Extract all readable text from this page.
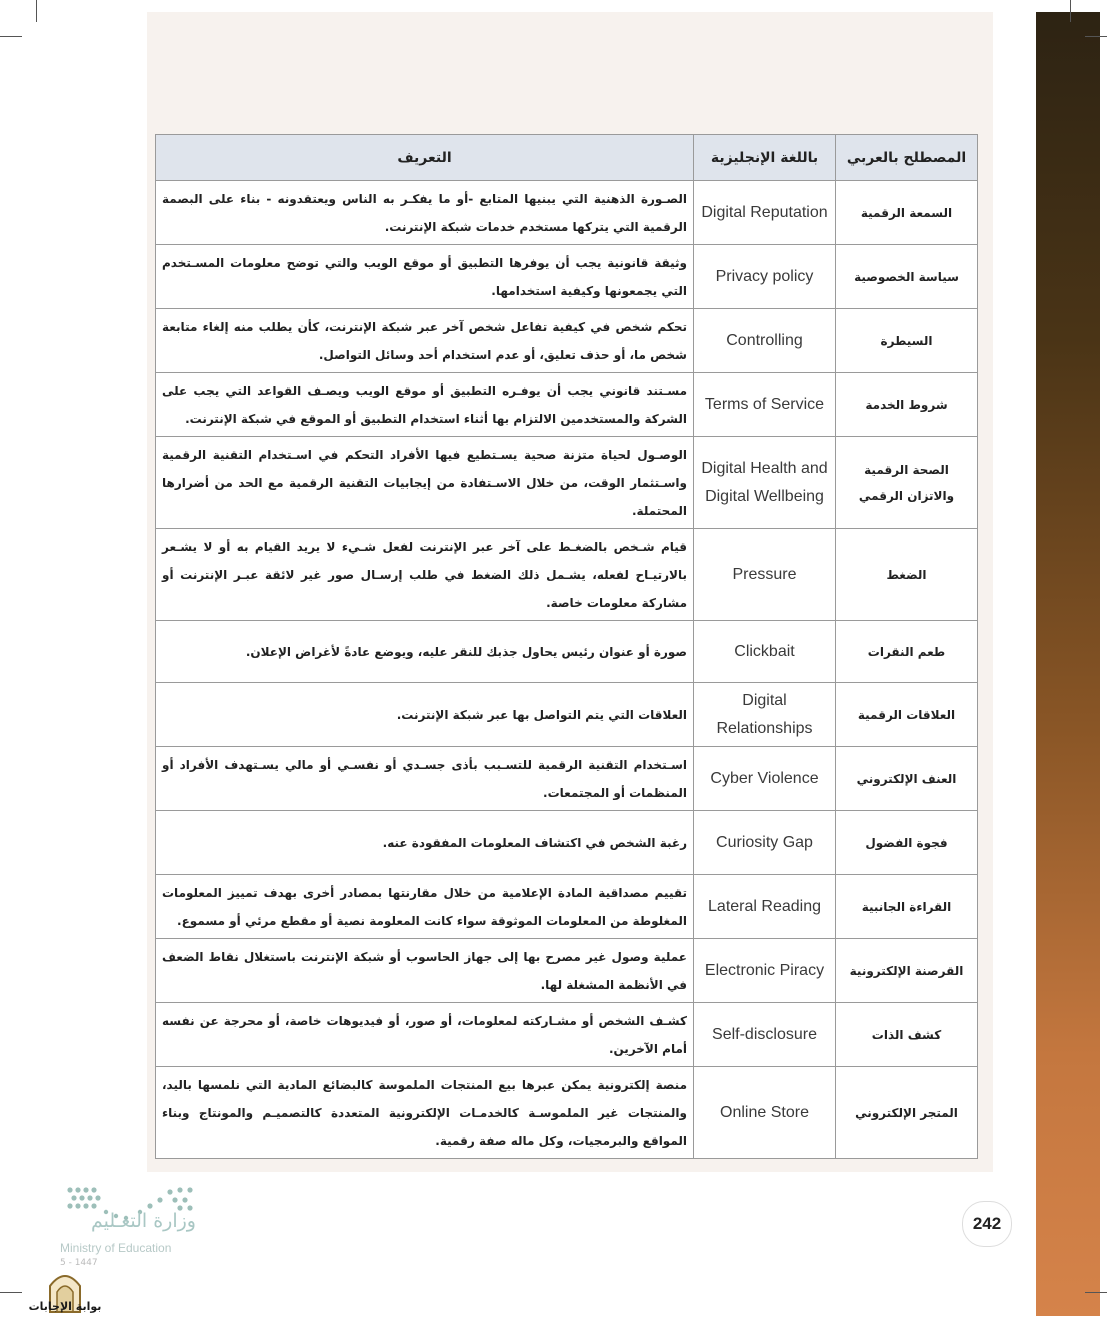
التعريف	باللغة الإنجليزية	المصطلح بالعربي
الصـورة الذهنية التي يبنيها المتابع -أو ما يفكـر به الناس ويعتقدونه - بناء على البصمة الرقمية التي يتركها مستخدم خدمات شبكة الإنترنت.	Digital Reputation	السمعة الرقمية
وثيقة قانونية يجب أن يوفرها التطبيق أو موقع الويب والتي توضح معلومات المسـتخدم التي يجمعونها وكيفية استخدامها.	Privacy policy	سياسة الخصوصية
تحكم شخص في كيفية تفاعل شخص آخر عبر شبكة الإنترنت، كأن يطلب منه إلغاء متابعة شخص ما، أو حذف تعليق، أو عدم استخدام أحد وسائل التواصل.	Controlling	السيطرة
مسـتند قانوني يجب أن يوفـره التطبيق أو موقع الويب ويصـف القواعد التي يجب على الشركة والمستخدمين الالتزام بها أثناء استخدام التطبيق أو الموقع في شبكة الإنترنت.	Terms of Service	شروط الخدمة
الوصـول لحياة متزنة صحية يسـتطيع فيها الأفراد التحكم في اسـتخدام التقنية الرقمية واسـتثمار الوقت، من خلال الاسـتفادة من إيجابيات التقنية الرقمية مع الحد من أضرارها المحتملة.	Digital Health and Digital Wellbeing	الصحة الرقمية والاتزان الرقمي
قيام شـخص بالضغـط على آخر عبر الإنترنت لفعل شـيء لا يريد القيام به أو لا يشـعر بالارتيـاح لفعله، يشـمل ذلك الضغط في طلب إرسـال صور غير لائقة عبـر الإنترنت أو مشاركة معلومات خاصة.	Pressure	الضغط
صورة أو عنوان رئيس يحاول جذبك للنقر عليه، ويوضع عادةً لأغراض الإعلان.	Clickbait	طعم النقرات
العلاقات التي يتم التواصل بها عبر شبكة الإنترنت.	Digital Relationships	العلاقات الرقمية
اسـتخدام التقنية الرقمية للتسـبب بأذى جسـدي أو نفسـي أو مالي يسـتهدف الأفراد أو المنظمات أو المجتمعات.	Cyber Violence	العنف الإلكتروني
رغبة الشخص في اكتشاف المعلومات المفقودة عنه.	Curiosity Gap	فجوة الفضول
تقييم مصداقية المادة الإعلامية من خلال مقارنتها بمصادر أخرى بهدف تمييز المعلومات المغلوطة من المعلومات الموثوقة سواء كانت المعلومة نصية أو مقطع مرئي أو مسموع.	Lateral Reading	القراءة الجانبية
عملية وصول غير مصرح بها إلى جهاز الحاسوب أو شبكة الإنترنت باستغلال نقاط الضعف في الأنظمة المشغلة لها.	Electronic Piracy	القرصنة الإلكترونية
كشـف الشخص أو مشـاركته لمعلومات، أو صور، أو فيديوهات خاصة، أو محرجة عن نفسه أمام الآخرين.	Self-disclosure	كشف الذات
منصة إلكترونية يمكن عبرها بيع المنتجات الملموسة كالبضائع المادية التي نلمسها باليد، والمنتجات غير الملموسـة كالخدمـات الإلكترونية المتعددة كالتصميـم والمونتاج وبناء المواقع والبرمجيات، وكل ماله صفة رقمية.	Online Store	المتجر الإلكتروني
وزارة التعـليم
Ministry of Education
5 - 1447
242
بوابة الإجابات
